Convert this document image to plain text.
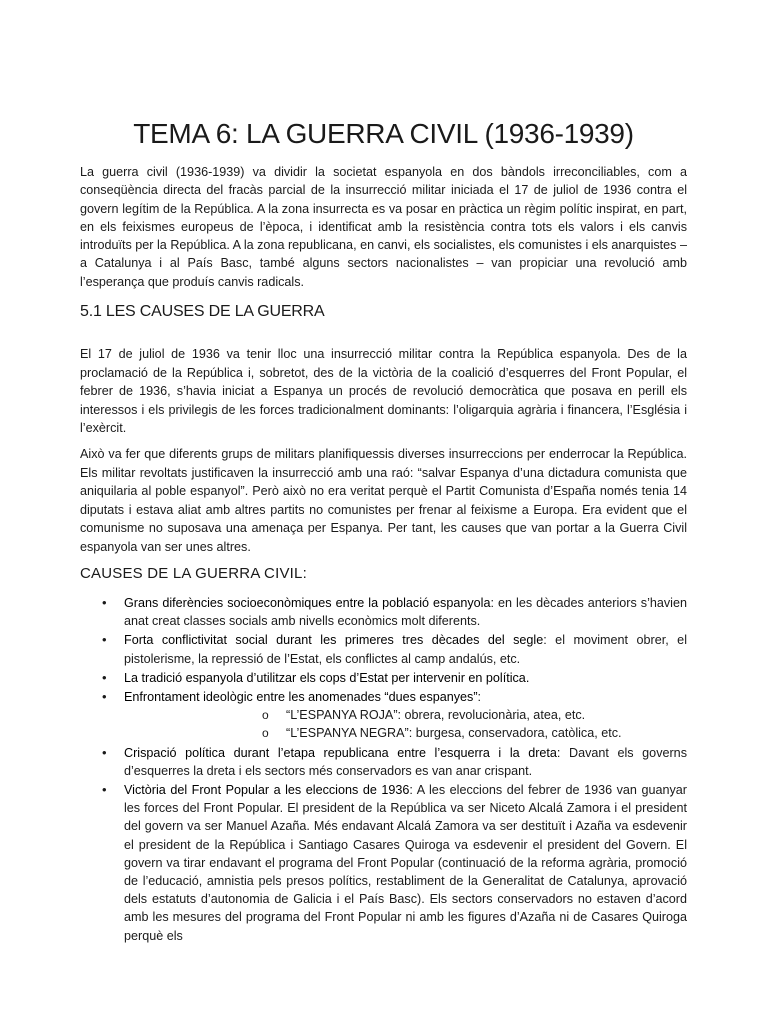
TEMA 6: LA GUERRA CIVIL (1936-1939)

La guerra civil (1936-1939) va dividir la societat espanyola en dos bàndols irreconciliables, com a conseqüència directa del fracàs parcial de la insurrecció militar iniciada el 17 de juliol de 1936 contra el govern legítim de la República. A la zona insurrecta es va posar en pràctica un règim polític inspirat, en part, en els feixismes europeus de l’època, i identificat amb la resistència contra tots els valors i els canvis introduïts per la República. A la zona republicana, en canvi, els socialistes, els comunistes i els anarquistes – a Catalunya i al País Basc, també alguns sectors nacionalistes – van propiciar una revolució amb l’esperança que produís canvis radicals.

5.1 LES CAUSES DE LA GUERRA

El 17 de juliol de 1936 va tenir lloc una insurrecció militar contra la República espanyola. Des de la proclamació de la República i, sobretot, des de la victòria de la coalició d’esquerres del Front Popular, el febrer de 1936, s’havia iniciat a Espanya un procés de revolució democràtica que posava en perill els interessos i els privilegis de les forces tradicionalment dominants: l’oligarquia agrària i financera, l’Església i l’exèrcit.

Això va fer que diferents grups de militars planifiquessis diverses insurreccions per enderrocar la República. Els militar revoltats justificaven la insurrecció amb una raó: “salvar Espanya d’una dictadura comunista que aniquilaria al poble espanyol”. Però això no era veritat perquè el Partit Comunista d’España només tenia 14 diputats i estava aliat amb altres partits no comunistes per frenar al feixisme a Europa. Era evident que el comunisme no suposava una amenaça per Espanya. Per tant, les causes que van portar a la Guerra Civil espanyola van ser unes altres.

CAUSES DE LA GUERRA CIVIL:
• Grans diferències socioeconòmiques entre la població espanyola: en les dècades anteriors s’havien anat creat classes socials amb nivells econòmics molt diferents.
• Forta conflictivitat social durant les primeres tres dècades del segle: el moviment obrer, el pistolerisme, la repressió de l’Estat, els conflictes al camp andalús, etc.
• La tradició espanyola d’utilitzar els cops d’Estat per intervenir en política.
• Enfrontament ideològic entre les anomenades “dues espanyes”:
o “L’ESPANYA ROJA”: obrera, revolucionària, atea, etc.
o “L’ESPANYA NEGRA”: burgesa, conservadora, catòlica, etc.
• Crispació política durant l’etapa republicana entre l’esquerra i la dreta: Davant els governs d’esquerres la dreta i els sectors més conservadors es van anar crispant.
• Victòria del Front Popular a les eleccions de 1936: A les eleccions del febrer de 1936 van guanyar les forces del Front Popular. El president de la República va ser Niceto Alcalá Zamora i el president del govern va ser Manuel Azaña. Més endavant Alcalá Zamora va ser destituït i Azaña va esdevenir el president de la República i Santiago Casares Quiroga va esdevenir el president del Govern. El govern va tirar endavant el programa del Front Popular (continuació de la reforma agrària, promoció de l’educació, amnistia pels presos polítics, restabliment de la Generalitat de Catalunya, aprovació dels estatuts d’autonomia de Galicia i el País Basc). Els sectors conservadors no estaven d’acord amb les mesures del programa del Front Popular ni amb les figures d’Azaña ni de Casares Quiroga perquè els
